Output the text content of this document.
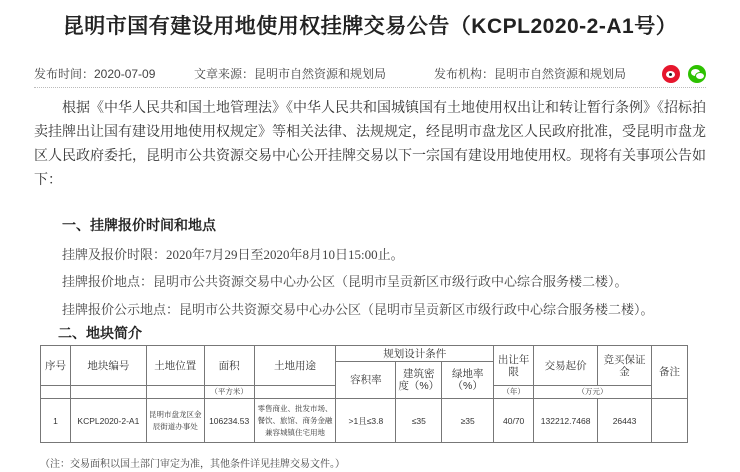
昆明市国有建设用地使用权挂牌交易公告（KCPL2020-2-A1号）
发布时间：2020-07-09	文章来源：昆明市自然资源和规划局	发布机构：昆明市自然资源和规划局

根据《中华人民共和国土地管理法》《中华人民共和国城镇国有土地使用权出让和转让暂行条例》《招标拍卖挂牌出让国有建设用地使用权规定》等相关法律、法规规定，经昆明市盘龙区人民政府批准，受昆明市盘龙区人民政府委托，昆明市公共资源交易中心公开挂牌交易以下一宗国有建设用地使用权。现将有关事项公告如下：

一、挂牌报价时间和地点
挂牌及报价时限：2020年7月29日至2020年8月10日15:00止。
挂牌报价地点：昆明市公共资源交易中心办公区（昆明市呈贡新区市级行政中心综合服务楼二楼）。
挂牌报价公示地点：昆明市公共资源交易中心办公区（昆明市呈贡新区市级行政中心综合服务楼二楼）。
二、地块简介
序号	地块编号	土地位置	面积	土地用途	规划设计条件			出让年限	交易起价	竞买保证金	备注
					容积率	建筑密度（%）	绿地率（%）				
			（平方米）					（年）	（万元）		
1	KCPL2020-2-A1	昆明市盘龙区金辰街道办事处	106234.53	零售商业、批发市场、餐饮、旅馆、商务金融兼容城镇住宅用地	>1且≤3.8	≤35	≥35	40/70	132212.7468	26443	
（注：交易面积以国土部门审定为准，其他条件详见挂牌交易文件。）
